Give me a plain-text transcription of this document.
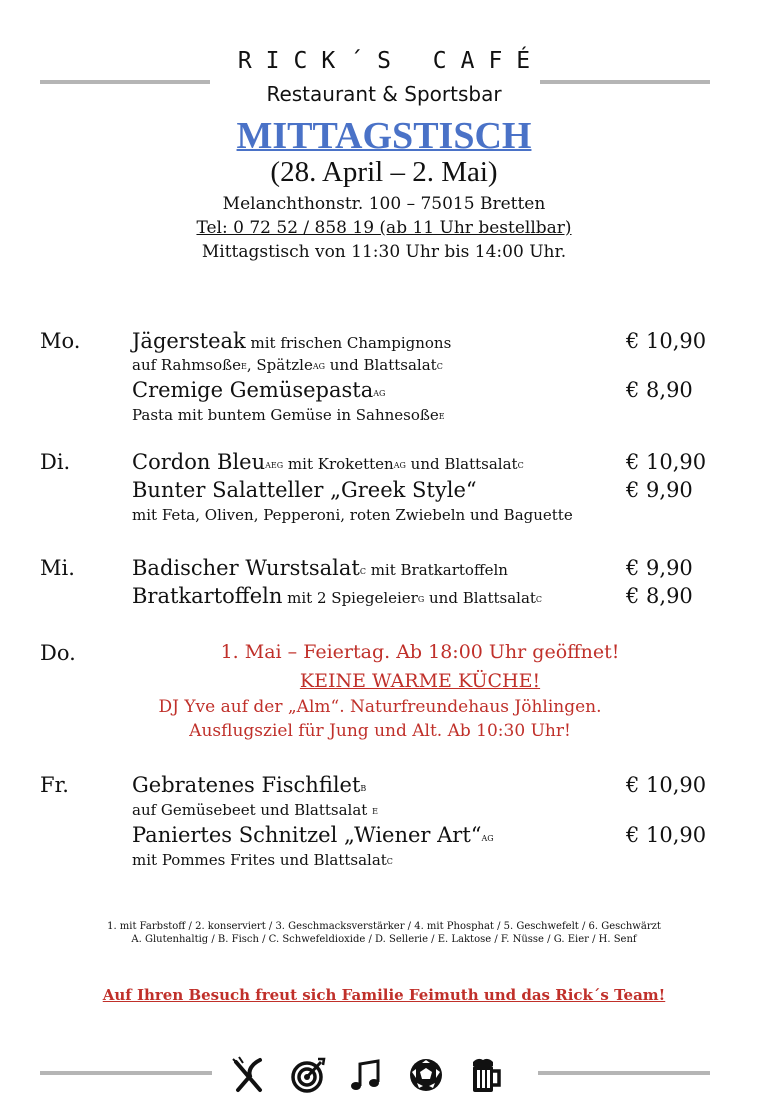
RICK´S CAFÉ
Restaurant & Sportsbar
MITTAGSTISCH
(28. April – 2. Mai)
Melanchthonstr. 100 – 75015 Bretten
Tel: 0 72 52 / 858 19 (ab 11 Uhr bestellbar)
Mittagstisch von 11:30 Uhr bis 14:00 Uhr.
Mo. Jägersteak mit frischen Champignons	€ 10,90
auf RahmsoßeE, SpätzleAG und BlattsalatC
Cremige GemüsepastaAG	€ 8,90
Pasta mit buntem Gemüse in SahnesoßeE
Di.	Cordon BleuAEG mit KrokettenAG und BlattsalatC	€ 10,90
Bunter Salatteller „Greek Style“	€ 9,90
mit Feta, Oliven, Pepperoni, roten Zwiebeln und Baguette
Mi.	Badischer WurstsalatC mit Bratkartoffeln	€ 9,90
Bratkartoffeln mit 2 SpiegeleierG und BlattsalatC	€ 8,90
Do.	1. Mai – Feiertag. Ab 18:00 Uhr geöffnet!
KEINE WARME KÜCHE!
DJ Yve auf der „Alm“. Naturfreundehaus Jöhlingen.
Ausflugsziel für Jung und Alt. Ab 10:30 Uhr!
Fr.	Gebratenes FischfiletB	€ 10,90
auf Gemüsebeet und Blattsalat E
Paniertes Schnitzel „Wiener Art“AG	€ 10,90
mit Pommes Frites und BlattsalatC
1. mit Farbstoff / 2. konserviert / 3. Geschmacksverstärker / 4. mit Phosphat / 5. Geschwefelt / 6. Geschwärzt
A. Glutenhaltig / B. Fisch / C. Schwefeldioxide / D. Sellerie / E. Laktose / F. Nüsse / G. Eier / H. Senf
Auf Ihren Besuch freut sich Familie Feimuth und das Rick´s Team!
